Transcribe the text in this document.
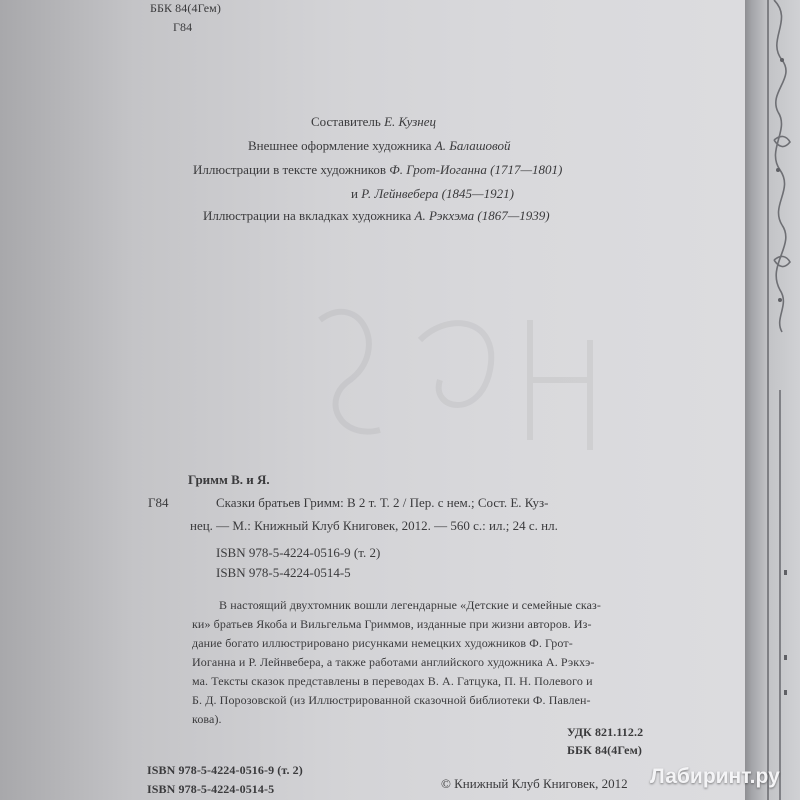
ББК 84(4Гем)
Г84
Составитель Е. Кузнец
Внешнее оформление художника А. Балашовой
Иллюстрации в тексте художников Ф. Грот-Иоганна (1717—1801)
и Р. Лейнвебера (1845—1921)
Иллюстрации на вкладках художника А. Рэкхэма (1867—1939)
Гримм В. и Я.
Г84	Сказки братьев Гримм: В 2 т. Т. 2 / Пер. с нем.; Сост. Е. Куз-
нец. — М.: Книжный Клуб Книговек, 2012. — 560 с.: ил.; 24 с. нл.
ISBN 978-5-4224-0516-9 (т. 2)
ISBN 978-5-4224-0514-5
В настоящий двухтомник вошли легендарные «Детские и семейные сказ-
ки» братьев Якоба и Вильгельма Гриммов, изданные при жизни авторов. Из-
дание богато иллюстрировано рисунками немецких художников Ф. Грот-
Иоганна и Р. Лейнвебера, а также работами английского художника А. Рэкхэ-
ма. Тексты сказок представлены в переводах В. А. Гатцука, П. Н. Полевого и
Б. Д. Порозовской (из Иллюстрированной сказочной библиотеки Ф. Павлен-
кова).
УДК 821.112.2
ББК 84(4Гем)
ISBN 978-5-4224-0516-9 (т. 2)
ISBN 978-5-4224-0514-5	© Книжный Клуб Книговек, 2012 Лабиринт.ру
